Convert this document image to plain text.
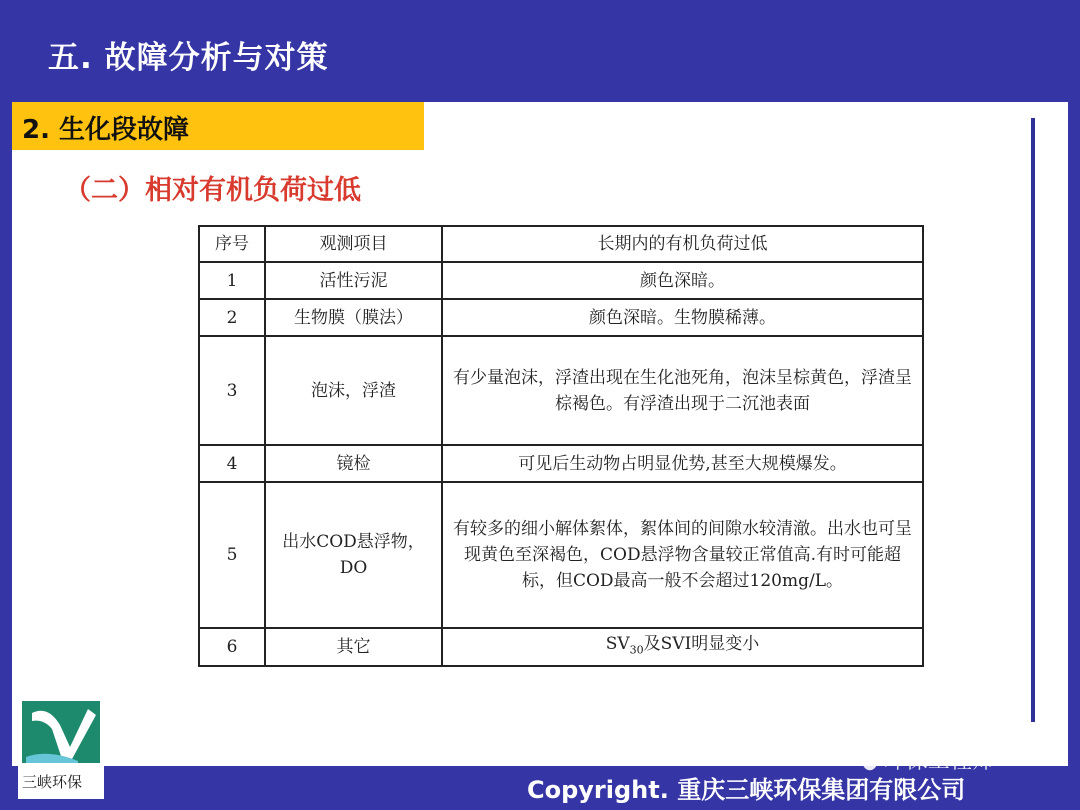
五. 故障分析与对策
2. 生化段故障
（二）相对有机负荷过低
序号	观测项目	长期内的有机负荷过低
1	活性污泥	颜色深暗。
2	生物膜（膜法）	颜色深暗。生物膜稀薄。
3	泡沫，浮渣	有少量泡沫，浮渣出现在生化池死角，泡沫呈棕黄色，浮渣呈棕褐色。有浮渣出现于二沉池表面
4	镜检	可见后生动物占明显优势,甚至大规模爆发。
5	出水COD悬浮物，DO	有较多的细小解体絮体，絮体间的间隙水较清澈。出水也可呈现黄色至深褐色，COD悬浮物含量较正常值高.有时可能超标，但COD最高一般不会超过120mg/L。
6	其它	$SV_{30}$及SVI明显变小
三峡环保
● 环保工程师
Copyright. 重庆三峡环保集团有限公司
